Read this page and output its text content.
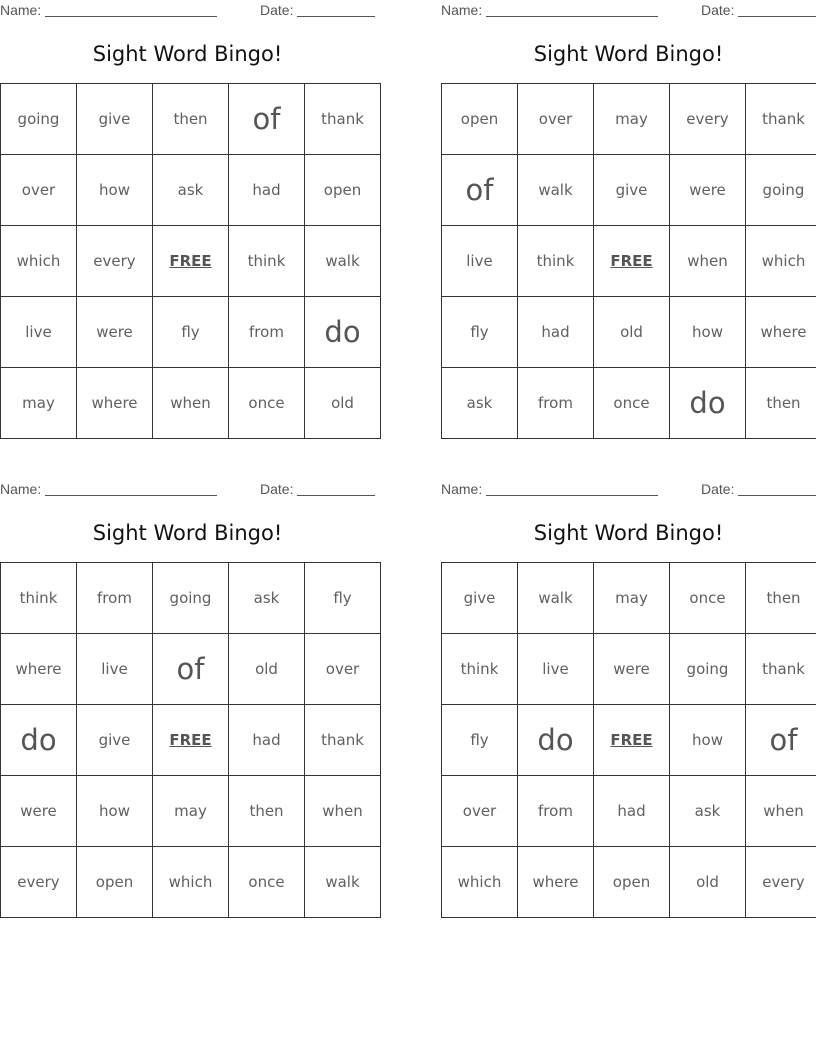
Name:	Date:
Sight Word Bingo!
going	give	then	of	thank
over	how	ask	had	open
which	every	FREE	think	walk
live	were	fly	from	do
may	where	when	once	old
Name:	Date:
Sight Word Bingo!
open	over	may	every	thank
of	walk	give	were	going
live	think	FREE	when	which
fly	had	old	how	where
ask	from	once	do	then
Name:	Date:
Sight Word Bingo!
think	from	going	ask	fly
where	live	of	old	over
do	give	FREE	had	thank
were	how	may	then	when
every	open	which	once	walk
Name:	Date:
Sight Word Bingo!
give	walk	may	once	then
think	live	were	going	thank
fly	do	FREE	how	of
over	from	had	ask	when
which	where	open	old	every
